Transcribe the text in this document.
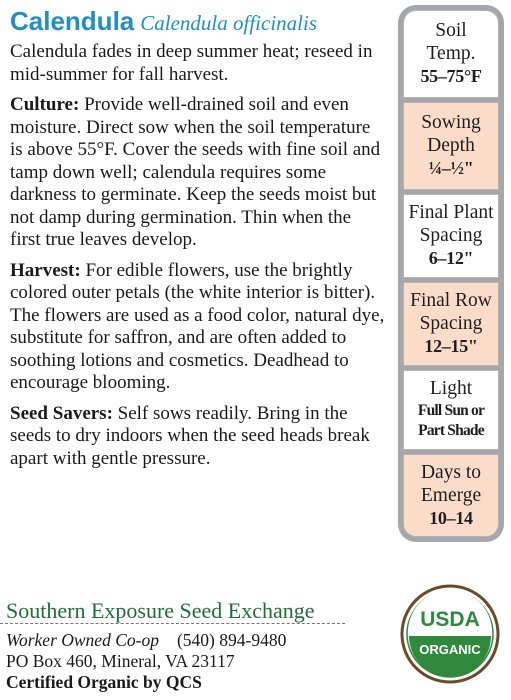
Calendula Calendula officinalis

Calendula fades in deep summer heat; reseed in mid-summer for fall harvest.

Culture: Provide well-drained soil and even moisture. Direct sow when the soil temperature is above 55°F. Cover the seeds with fine soil and tamp down well; calendula requires some darkness to germinate. Keep the seeds moist but not damp during germination. Thin when the first true leaves develop.

Harvest: For edible flowers, use the brightly colored outer petals (the white interior is bitter). The flowers are used as a food color, natural dye, substitute for saffron, and are often added to soothing lotions and cosmetics. Deadhead to encourage blooming.

Seed Savers: Self sows readily. Bring in the seeds to dry indoors when the seed heads break apart with gentle pressure.

Soil
Temp.
55–75°F
Sowing
Depth
¼–½"
Final Plant
Spacing
6–12"
Final Row
Spacing
12–15"
Light
Full Sun or
Part Shade
Days to
Emerge
10–14
Southern Exposure Seed Exchange
Worker Owned Co-op (540) 894-9480
PO Box 460, Mineral, VA 23117
Certified Organic by QCS
USDA
ORGANIC
